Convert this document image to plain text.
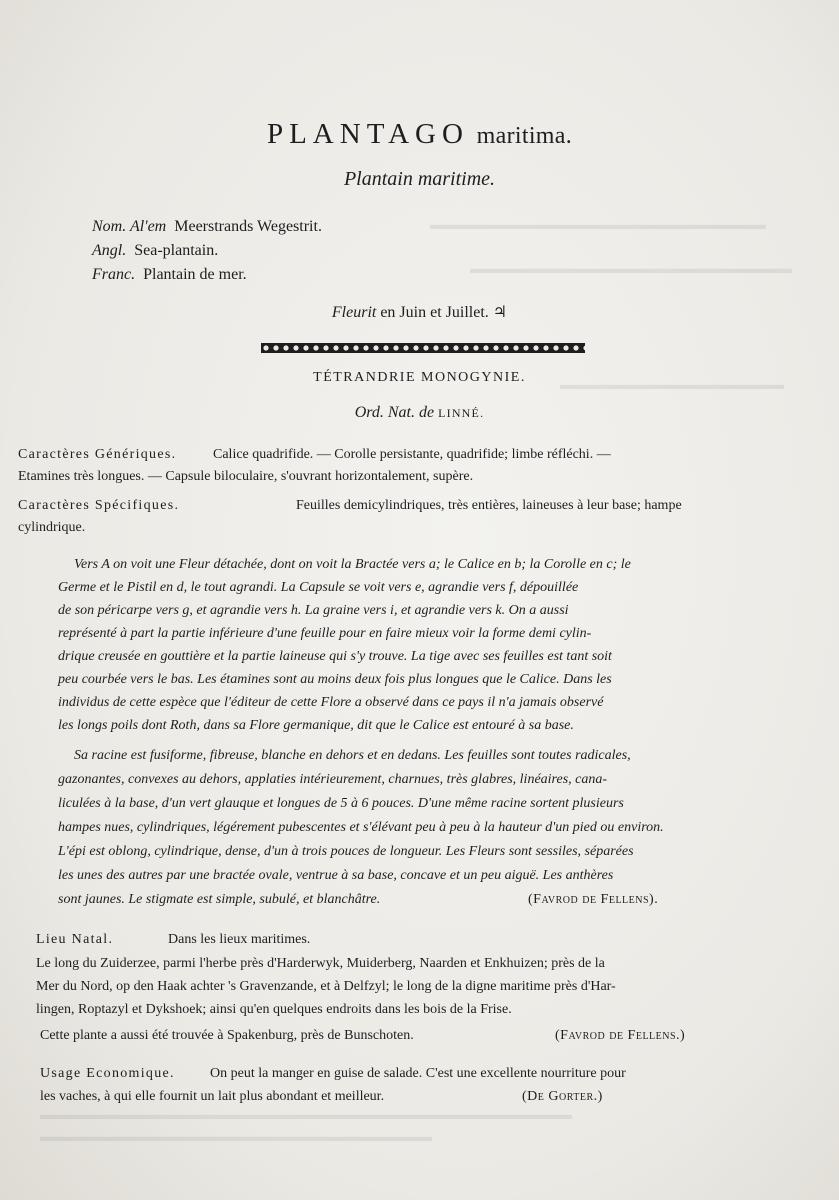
▬▬▬▬▬▬▬▬▬▬▬▬▬▬▬▬▬▬▬▬▬▬▬▬
▬▬▬▬▬▬▬▬▬▬▬▬▬▬▬▬▬▬▬▬▬▬▬
▬▬▬▬▬▬▬▬▬▬▬▬▬▬▬▬
▬▬▬▬▬▬▬▬▬▬▬▬▬▬▬▬▬▬▬▬▬▬▬▬▬▬▬▬▬▬▬▬▬▬▬▬▬▬
▬▬▬▬▬▬▬▬▬▬▬▬▬▬▬▬▬▬▬▬▬▬▬▬▬▬▬▬
PLANTAGO maritima.
Plantain maritime.
Nom. Al'em Meerstrands Wegestrit.
Angl. Sea-plantain.
Franc. Plantain de mer.
Fleurit en Juin et Juillet. ♃
TÉTRANDRIE MONOGYNIE.
Ord. Nat. de LINNÉ.
Caractères Génériques.	Calice quadrifide. — Corolle persistante, quadrifide; limbe réfléchi. —
Etamines très longues. — Capsule biloculaire, s'ouvrant horizontalement, supère.
Caractères Spécifiques.	Feuilles demicylindriques, très entières, laineuses à leur base; hampe
cylindrique.
Vers A on voit une Fleur détachée, dont on voit la Bractée vers a; le Calice en b; la Corolle en c; le
Germe et le Pistil en d, le tout agrandi. La Capsule se voit vers e, agrandie vers f, dépouillée
de son péricarpe vers g, et agrandie vers h. La graine vers i, et agrandie vers k. On a aussi
représenté à part la partie inférieure d'une feuille pour en faire mieux voir la forme demi cylin-
drique creusée en gouttière et la partie laineuse qui s'y trouve. La tige avec ses feuilles est tant soit
peu courbée vers le bas. Les étamines sont au moins deux fois plus longues que le Calice. Dans les
individus de cette espèce que l'éditeur de cette Flore a observé dans ce pays il n'a jamais observé
les longs poils dont Roth, dans sa Flore germanique, dit que le Calice est entouré à sa base.
Sa racine est fusiforme, fibreuse, blanche en dehors et en dedans. Les feuilles sont toutes radicales,
gazonantes, convexes au dehors, applaties intérieurement, charnues, très glabres, linéaires, cana-
liculées à la base, d'un vert glauque et longues de 5 à 6 pouces. D'une même racine sortent plusieurs
hampes nues, cylindriques, légérement pubescentes et s'élévant peu à peu à la hauteur d'un pied ou environ.
L'épi est oblong, cylindrique, dense, d'un à trois pouces de longueur. Les Fleurs sont sessiles, séparées
les unes des autres par une bractée ovale, ventrue à sa base, concave et un peu aiguë. Les anthères
sont jaunes. Le stigmate est simple, subulé, et blanchâtre.	(Favrod de Fellens).
Lieu Natal.	Dans les lieux maritimes.
Le long du Zuiderzee, parmi l'herbe près d'Harderwyk, Muiderberg, Naarden et Enkhuizen; près de la
Mer du Nord, op den Haak achter 's Gravenzande, et à Delfzyl; le long de la digne maritime près d'Har-
lingen, Roptazyl et Dykshoek; ainsi qu'en quelques endroits dans les bois de la Frise.
Cette plante a aussi été trouvée à Spakenburg, près de Bunschoten.	(Favrod de Fellens.)
Usage Economique.	On peut la manger en guise de salade. C'est une excellente nourriture pour
les vaches, à qui elle fournit un lait plus abondant et meilleur.	(De Gorter.)
